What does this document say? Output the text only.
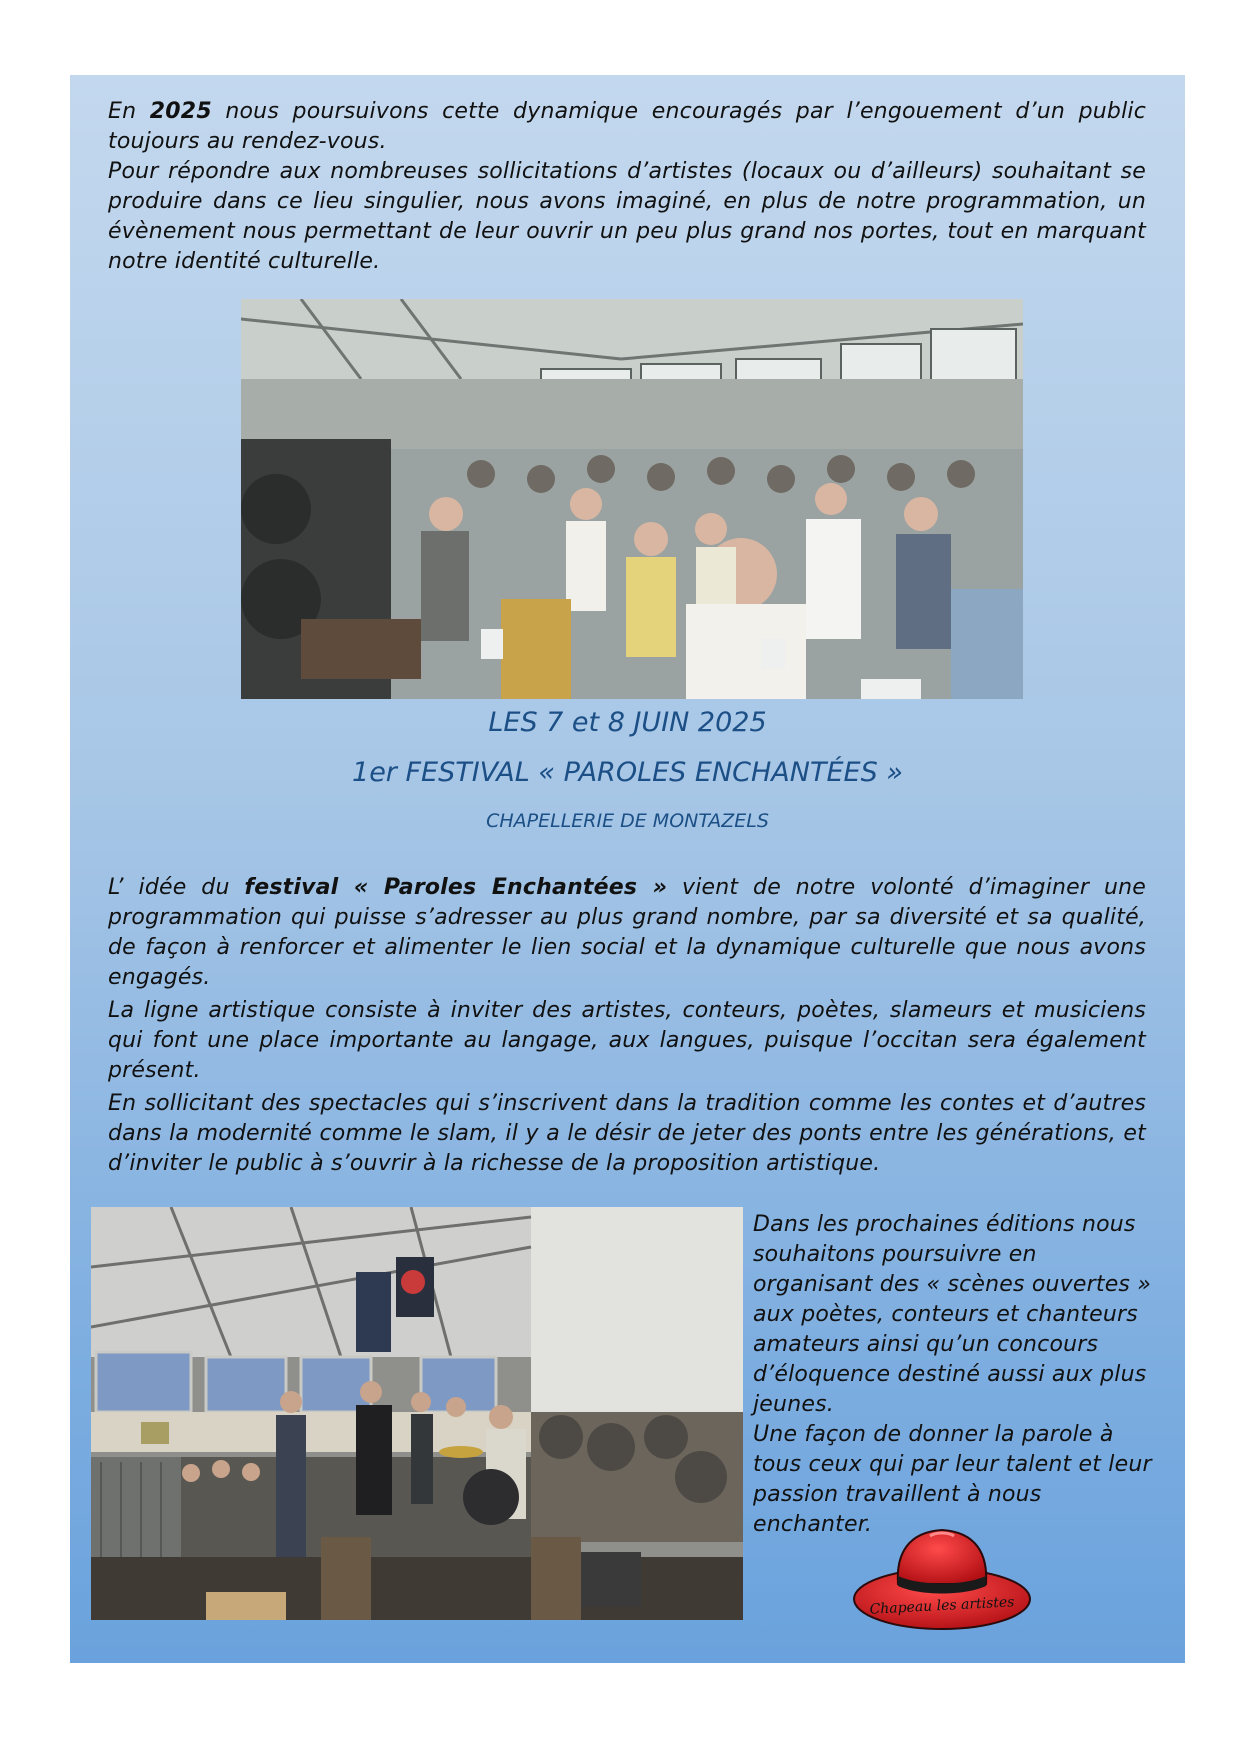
En 2025 nous poursuivons cette dynamique encouragés par l’engouement d’un public toujours au rendez-vous.

Pour répondre aux nombreuses sollicitations d’artistes (locaux ou d’ailleurs) souhaitant se produire dans ce lieu singulier, nous avons imaginé, en plus de notre programmation, un évènement nous permettant de leur ouvrir un peu plus grand nos portes, tout en marquant notre identité culturelle.

LES 7 et 8 JUIN 2025
1er FESTIVAL « PAROLES ENCHANTÉES »
CHAPELLERIE DE MONTAZELS

L’ idée du festival « Paroles Enchantées » vient de notre volonté d’imaginer une programmation qui puisse s’adresser au plus grand nombre, par sa diversité et sa qualité, de façon à renforcer et alimenter le lien social et la dynamique culturelle que nous avons engagés.

La ligne artistique consiste à inviter des artistes, conteurs, poètes, slameurs et musiciens qui font une place importante au langage, aux langues, puisque l’occitan sera également présent.

En sollicitant des spectacles qui s’inscrivent dans la tradition comme les contes et d’autres dans la modernité comme le slam, il y a le désir de jeter des ponts entre les générations, et d’inviter le public à s’ouvrir à la richesse de la proposition artistique.

Dans les prochaines éditions nous souhaitons poursuivre en organisant des « scènes ouvertes » aux poètes, conteurs et chanteurs amateurs ainsi qu’un concours d’éloquence destiné aussi aux plus jeunes.

Une façon de donner la parole à tous ceux qui par leur talent et leur passion travaillent à nous enchanter.

Chapeau les artistes
